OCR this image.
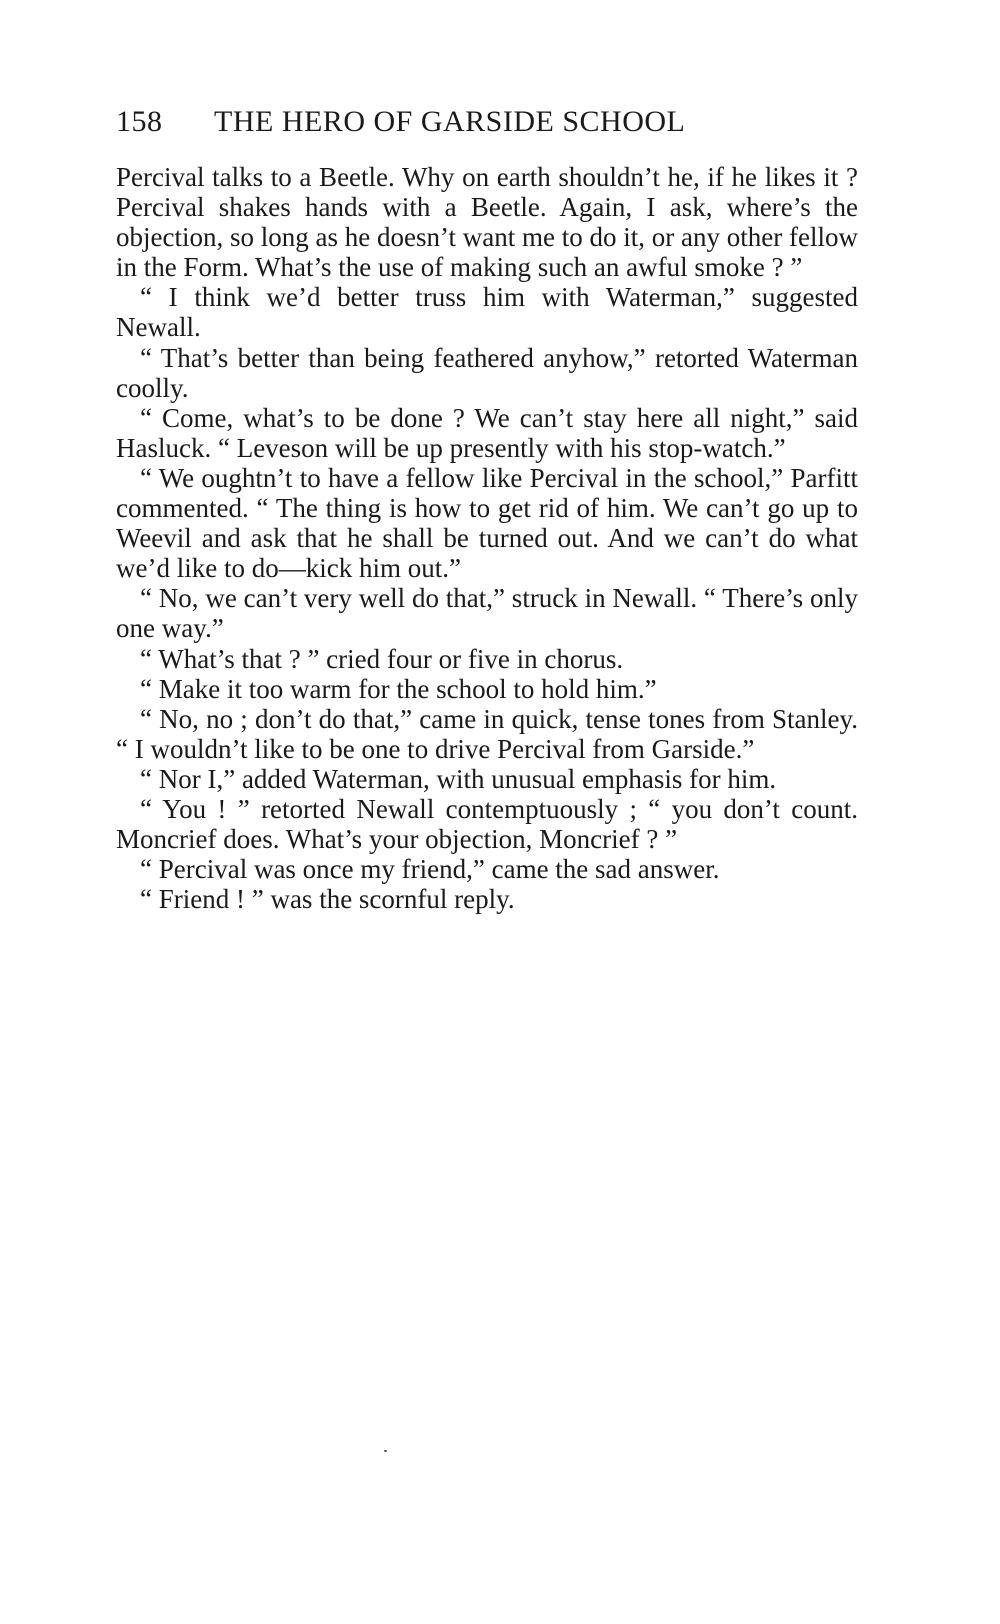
158 THE HERO OF GARSIDE SCHOOL

Percival talks to a Beetle. Why on earth shouldn’t he, if he likes it ? Percival shakes hands with a Beetle. Again, I ask, where’s the objection, so long as he doesn’t want me to do it, or any other fellow in the Form. What’s the use of making such an awful smoke ? ”

“ I think we’d better truss him with Waterman,” suggested Newall.

“ That’s better than being feathered anyhow,” retorted Waterman coolly.

“ Come, what’s to be done ? We can’t stay here all night,” said Hasluck. “ Leveson will be up presently with his stop-watch.”

“ We oughtn’t to have a fellow like Percival in the school,” Parfitt commented. “ The thing is how to get rid of him. We can’t go up to Weevil and ask that he shall be turned out. And we can’t do what we’d like to do—kick him out.”

“ No, we can’t very well do that,” struck in Newall. “ There’s only one way.”

“ What’s that ? ” cried four or five in chorus.

“ Make it too warm for the school to hold him.”

“ No, no ; don’t do that,” came in quick, tense tones from Stanley. “ I wouldn’t like to be one to drive Percival from Garside.”

“ Nor I,” added Waterman, with unusual emphasis for him.

“ You ! ” retorted Newall contemptuously ; “ you don’t count. Moncrief does. What’s your objection, Moncrief ? ”

“ Percival was once my friend,” came the sad answer.

“ Friend ! ” was the scornful reply.
